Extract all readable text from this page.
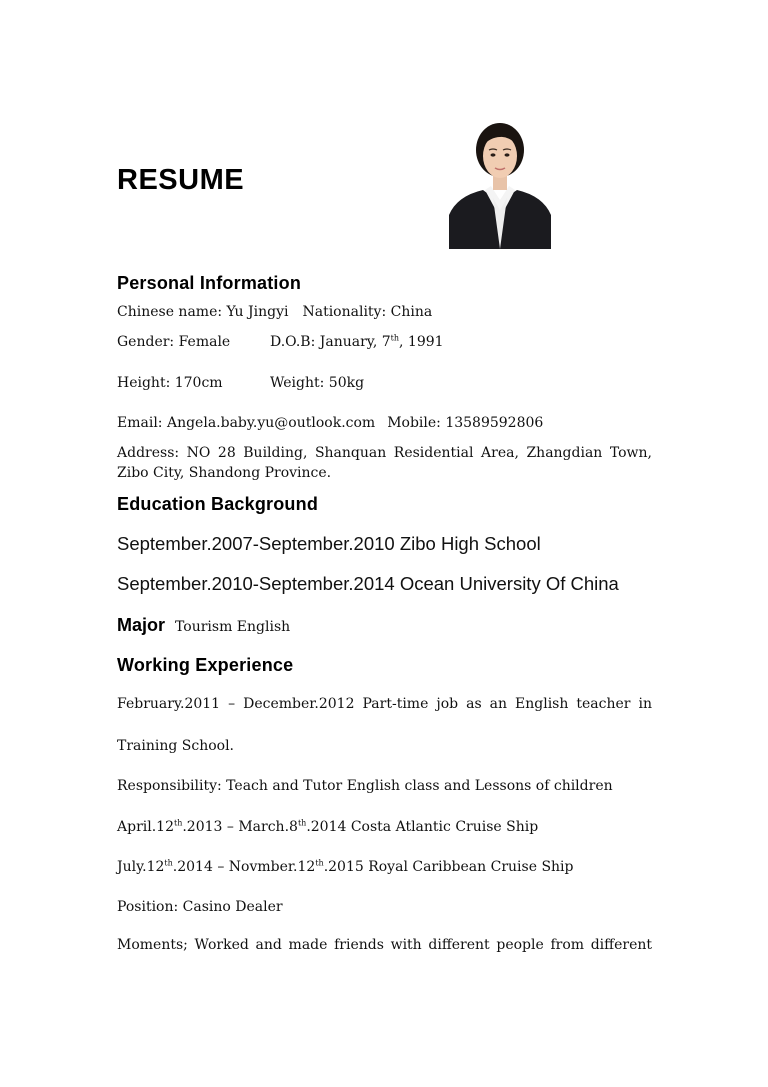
RESUME
Personal Information
Chinese name: Yu Jingyi Nationality: China
Gender: Female	D.O.B: January, 7th, 1991
Height: 170cm	Weight: 50kg
Email: Angela.baby.yu@outlook.com Mobile: 13589592806
Address: NO 28 Building, Shanquan Residential Area, Zhangdian Town, Zibo City, Shandong Province.
Education Background
September.2007-September.2010 Zibo High School
September.2010-September.2014 Ocean University Of China
Major Tourism English
Working Experience
February.2011 – December.2012 Part-time job as an English teacher in
Training School.
Responsibility: Teach and Tutor English class and Lessons of children
April.12th.2013 – March.8th.2014 Costa Atlantic Cruise Ship
July.12th.2014 – Novmber.12th.2015 Royal Caribbean Cruise Ship
Position: Casino Dealer
Moments; Worked and made friends with different people from different
